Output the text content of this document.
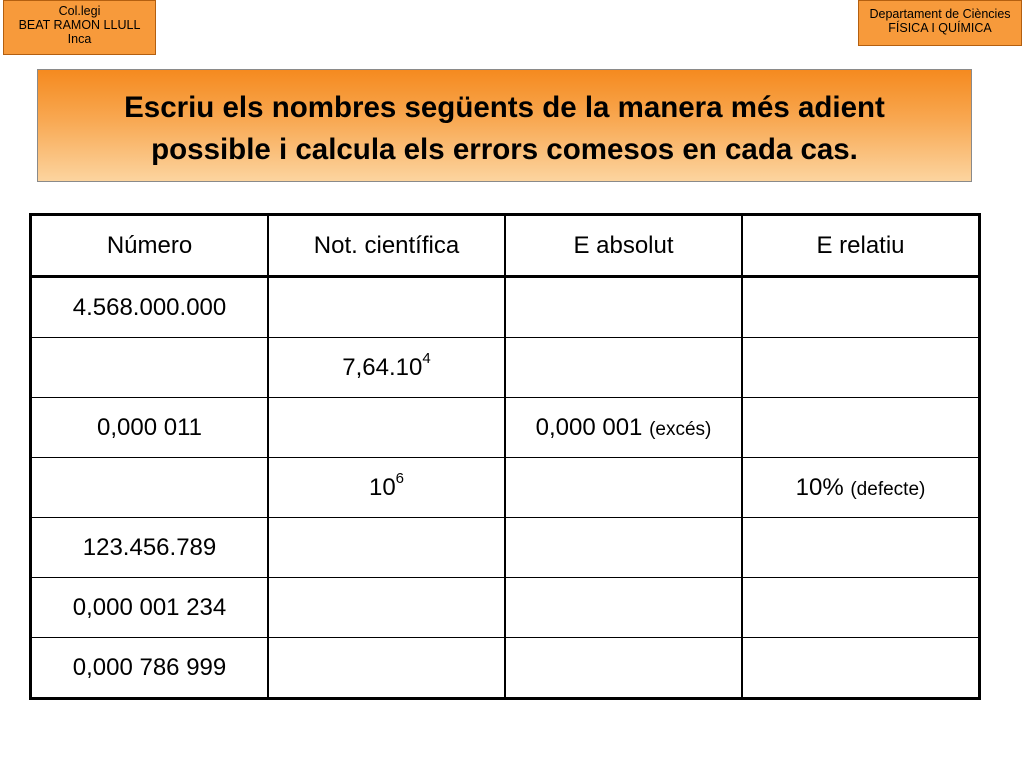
Col.legi
BEAT RAMON LLULL
Inca
Departament de Ciències
FÍSICA I QUÍMICA
Escriu els nombres següents de la manera més adient
possible i calcula els errors comesos en cada cas.
Número	Not. científica	E absolut	E relatiu
4.568.000.000			
	7,64.10$^4$		
0,000 011		0,000 001 (excés)	
	$10^6$		10% (defecte)
123.456.789			
0,000 001 234			
0,000 786 999			
